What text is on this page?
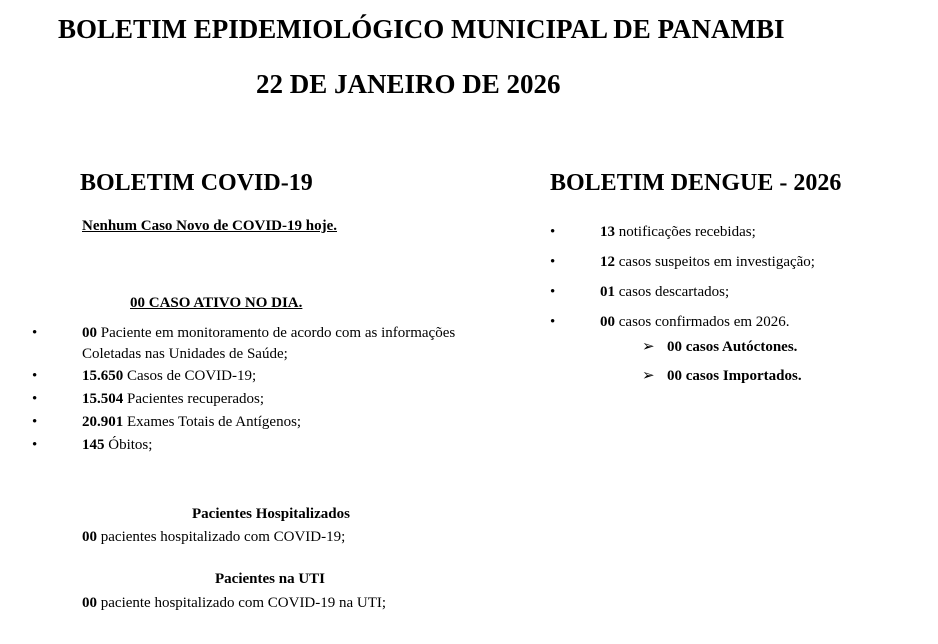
BOLETIM EPIDEMIOLÓGICO MUNICIPAL DE PANAMBI
22 DE JANEIRO DE 2026
BOLETIM COVID-19
Nenhum Caso Novo de COVID-19 hoje.
00 CASO ATIVO NO DIA.
•	00 Paciente em monitoramento de acordo com as informações
Coletadas nas Unidades de Saúde;
•	15.650 Casos de COVID-19;
•	15.504 Pacientes recuperados;
•	20.901 Exames Totais de Antígenos;
•	145 Óbitos;
Pacientes Hospitalizados
00 pacientes hospitalizado com COVID-19;
Pacientes na UTI
00 paciente hospitalizado com COVID-19 na UTI;
BOLETIM DENGUE - 2026
•	13 notificações recebidas;
•	12 casos suspeitos em investigação;
•	01 casos descartados;
•	00 casos confirmados em 2026.
➢ 00 casos Autóctones.
➢ 00 casos Importados.
